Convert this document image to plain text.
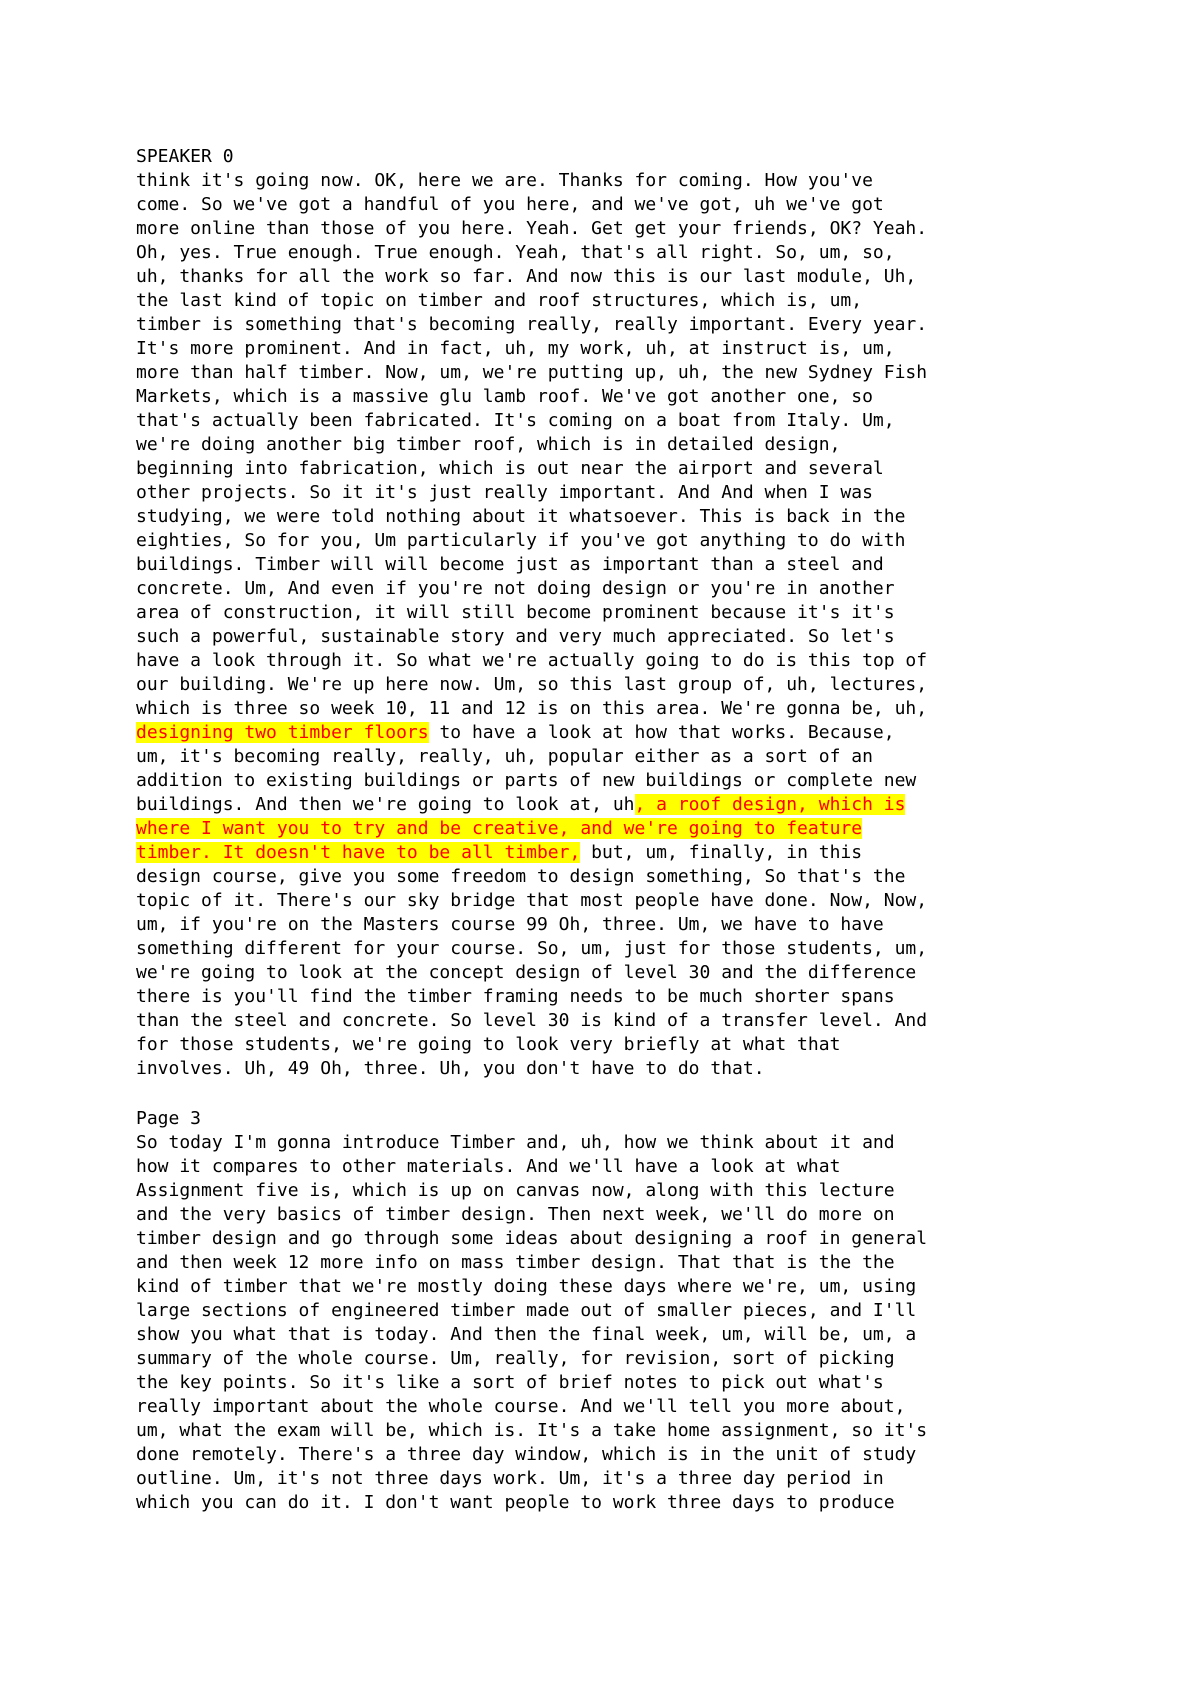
SPEAKER 0
think it's going now. OK, here we are. Thanks for coming. How you've
come. So we've got a handful of you here, and we've got, uh we've got
more online than those of you here. Yeah. Get get your friends, OK? Yeah.
Oh, yes. True enough. True enough. Yeah, that's all right. So, um, so,
uh, thanks for all the work so far. And now this is our last module, Uh,
the last kind of topic on timber and roof structures, which is, um,
timber is something that's becoming really, really important. Every year.
It's more prominent. And in fact, uh, my work, uh, at instruct is, um,
more than half timber. Now, um, we're putting up, uh, the new Sydney Fish
Markets, which is a massive glu lamb roof. We've got another one, so
that's actually been fabricated. It's coming on a boat from Italy. Um,
we're doing another big timber roof, which is in detailed design,
beginning into fabrication, which is out near the airport and several
other projects. So it it's just really important. And And when I was
studying, we were told nothing about it whatsoever. This is back in the
eighties, So for you, Um particularly if you've got anything to do with
buildings. Timber will will become just as important than a steel and
concrete. Um, And even if you're not doing design or you're in another
area of construction, it will still become prominent because it's it's
such a powerful, sustainable story and very much appreciated. So let's
have a look through it. So what we're actually going to do is this top of
our building. We're up here now. Um, so this last group of, uh, lectures,
which is three so week 10, 11 and 12 is on this area. We're gonna be, uh,
designing two timber floors to have a look at how that works. Because,
um, it's becoming really, really, uh, popular either as a sort of an
addition to existing buildings or parts of new buildings or complete new
buildings. And then we're going to look at, uh, a roof design, which is
where I want you to try and be creative, and we're going to feature
timber. It doesn't have to be all timber, but, um, finally, in this
design course, give you some freedom to design something, So that's the
topic of it. There's our sky bridge that most people have done. Now, Now,
um, if you're on the Masters course 99 Oh, three. Um, we have to have
something different for your course. So, um, just for those students, um,
we're going to look at the concept design of level 30 and the difference
there is you'll find the timber framing needs to be much shorter spans
than the steel and concrete. So level 30 is kind of a transfer level. And
for those students, we're going to look very briefly at what that
involves. Uh, 49 Oh, three. Uh, you don't have to do that.
Page 3
So today I'm gonna introduce Timber and, uh, how we think about it and
how it compares to other materials. And we'll have a look at what
Assignment five is, which is up on canvas now, along with this lecture
and the very basics of timber design. Then next week, we'll do more on
timber design and go through some ideas about designing a roof in general
and then week 12 more info on mass timber design. That that is the the
kind of timber that we're mostly doing these days where we're, um, using
large sections of engineered timber made out of smaller pieces, and I'll
show you what that is today. And then the final week, um, will be, um, a
summary of the whole course. Um, really, for revision, sort of picking
the key points. So it's like a sort of brief notes to pick out what's
really important about the whole course. And we'll tell you more about,
um, what the exam will be, which is. It's a take home assignment, so it's
done remotely. There's a three day window, which is in the unit of study
outline. Um, it's not three days work. Um, it's a three day period in
which you can do it. I don't want people to work three days to produce
